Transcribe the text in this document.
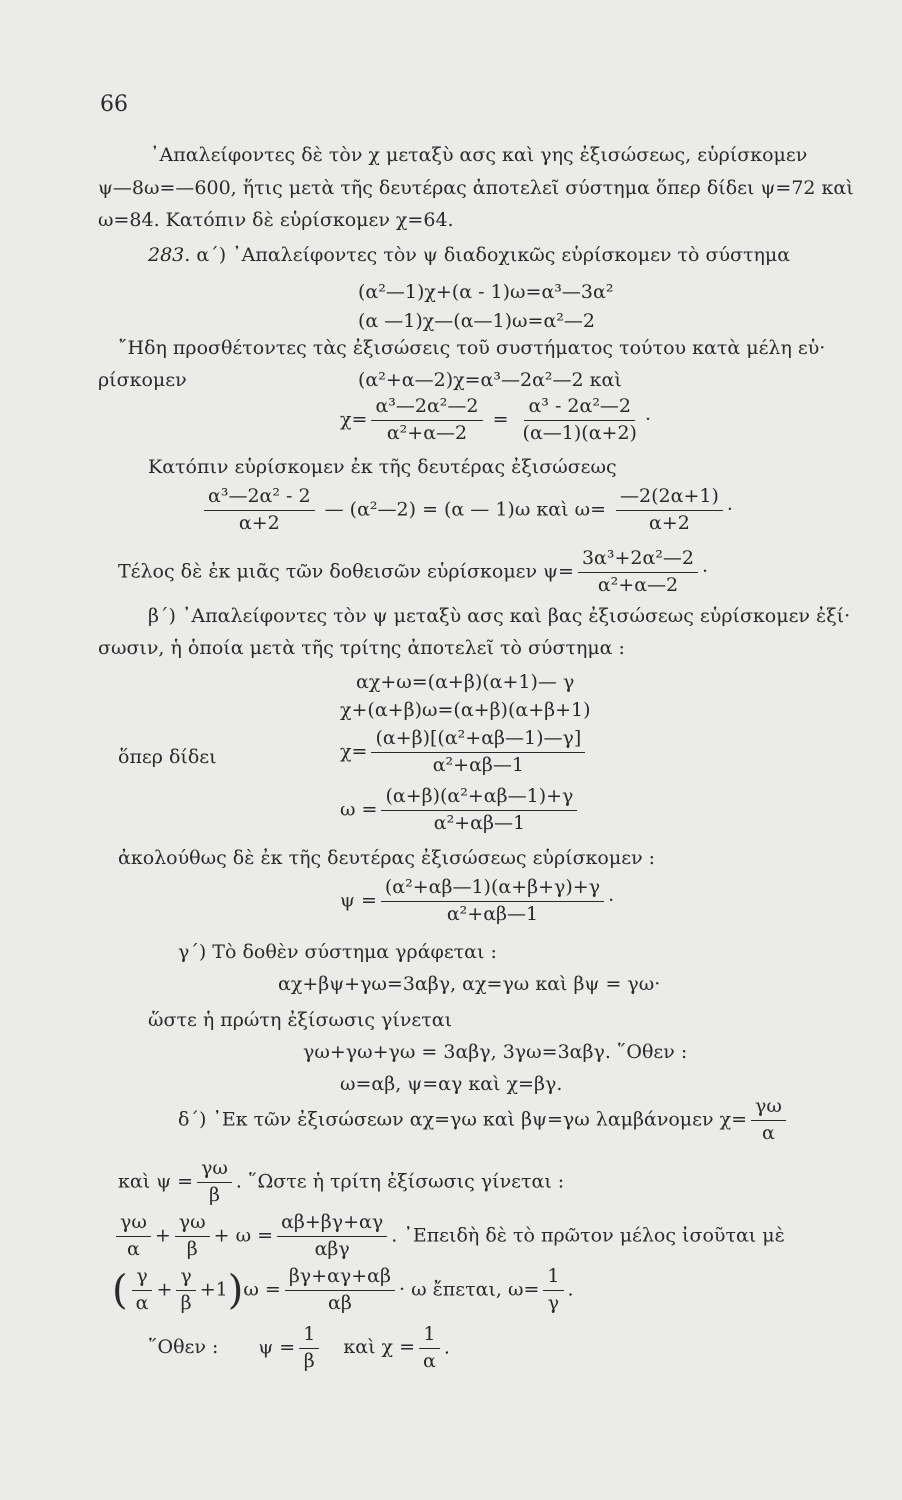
66
᾿Απαλείφοντες δὲ τὸν χ μεταξὺ ασς καὶ γης ἐξισώσεως, εὑρίσκομεν
ψ—8ω=—600, ἥτις μετὰ τῆς δευτέρας ἀποτελεῖ σύστημα ὅπερ δίδει ψ=72 καὶ
ω=84. Κατόπιν δὲ εὑρίσκομεν χ=64.
283. α΄) ᾿Απαλείφοντες τὸν ψ διαδοχικῶς εὑρίσκομεν τὸ σύστημα
(α²—1)χ+(α - 1)ω=α³—3α²
(α —1)χ—(α—1)ω=α²—2
῎Ηδη προσθέτοντες τὰς ἐξισώσεις τοῦ συστήματος τούτου κατὰ μέλη εὑ·
ρίσκομεν	(α²+α—2)χ=α³—2α²—2 καὶ
$\chi= \frac{\text{α³—2α²—2}}{\text{α²+α—2}} = \frac{\text{α³ - 2α²—2}}{(\alpha—1)(\alpha+2)}$ ·
Κατόπιν εὑρίσκομεν ἐκ τῆς δευτέρας ἐξισώσεως
$\frac{\text{α³—2α² - 2}}{\alpha+2}$ — (α²—2) = (α — 1)ω καὶ $\omega= \frac{—2(2\alpha+1)}{\alpha+2}$ ·
Τέλος δὲ ἐκ μιᾶς τῶν δοθεισῶν εὑρίσκομεν $\psi= \frac{\text{3α³+2α²—2}}{\text{α²+α—2}}$ ·
β΄) ᾿Απαλείφοντες τὸν ψ μεταξὺ ασς καὶ βας ἐξισώσεως εὑρίσκομεν ἐξί·
σωσιν, ἡ ὁποία μετὰ τῆς τρίτης ἀποτελεῖ τὸ σύστημα :
αχ+ω=(α+β)(α+1)— γ
χ+(α+β)ω=(α+β)(α+β+1)
ὅπερ δίδει	$\chi= \frac{\text{(α+β)[(α²+αβ—1)—γ]}}{\text{α²+αβ—1}}$
$\omega = \frac{\text{(α+β)(α²+αβ—1)+γ}}{\text{α²+αβ—1}}$
ἀκολούθως δὲ ἐκ τῆς δευτέρας ἐξισώσεως εὑρίσκομεν :
$\psi = \frac{\text{(α²+αβ—1)(α+β+γ)+γ}}{\text{α²+αβ—1}}$ ·
γ΄) Τὸ δοθὲν σύστημα γράφεται :
αχ+βψ+γω=3αβγ, αχ=γω καὶ βψ = γω·
ὥστε ἡ πρώτη ἐξίσωσις γίνεται
γω+γω+γω = 3αβγ, 3γω=3αβγ. ῞Οθεν :
ω=αβ, ψ=αγ καὶ χ=βγ.
δ΄) ᾿Εκ τῶν ἐξισώσεων αχ=γω καὶ βψ=γω λαμβάνομεν $\chi= \frac{\gamma\omega}{\alpha}$
καὶ $\psi = \frac{\gamma\omega}{\beta}$ . ῞Ωστε ἡ τρίτη ἐξίσωσις γίνεται :
$\frac{\gamma\omega}{\alpha} + \frac{\gamma\omega}{\beta} + \omega = \frac{\alpha\beta+\beta\gamma+\alpha\gamma}{\text{αβγ}}$ . ᾿Επειδὴ δὲ τὸ πρῶτον μέλος ἰσοῦται μὲ
( $\frac{\gamma}{\alpha} + \frac{\gamma}{\beta} +1)\omega = \frac{\beta\gamma+\alpha\gamma+\alpha\beta}{\alpha\beta} \cdot \omega$ ἔπεται, $\omega= \frac{1}{\gamma}$ .
῞Οθεν : $\psi = \frac{1}{\beta}$ καὶ $\chi = \frac{1}{\alpha}$ .
